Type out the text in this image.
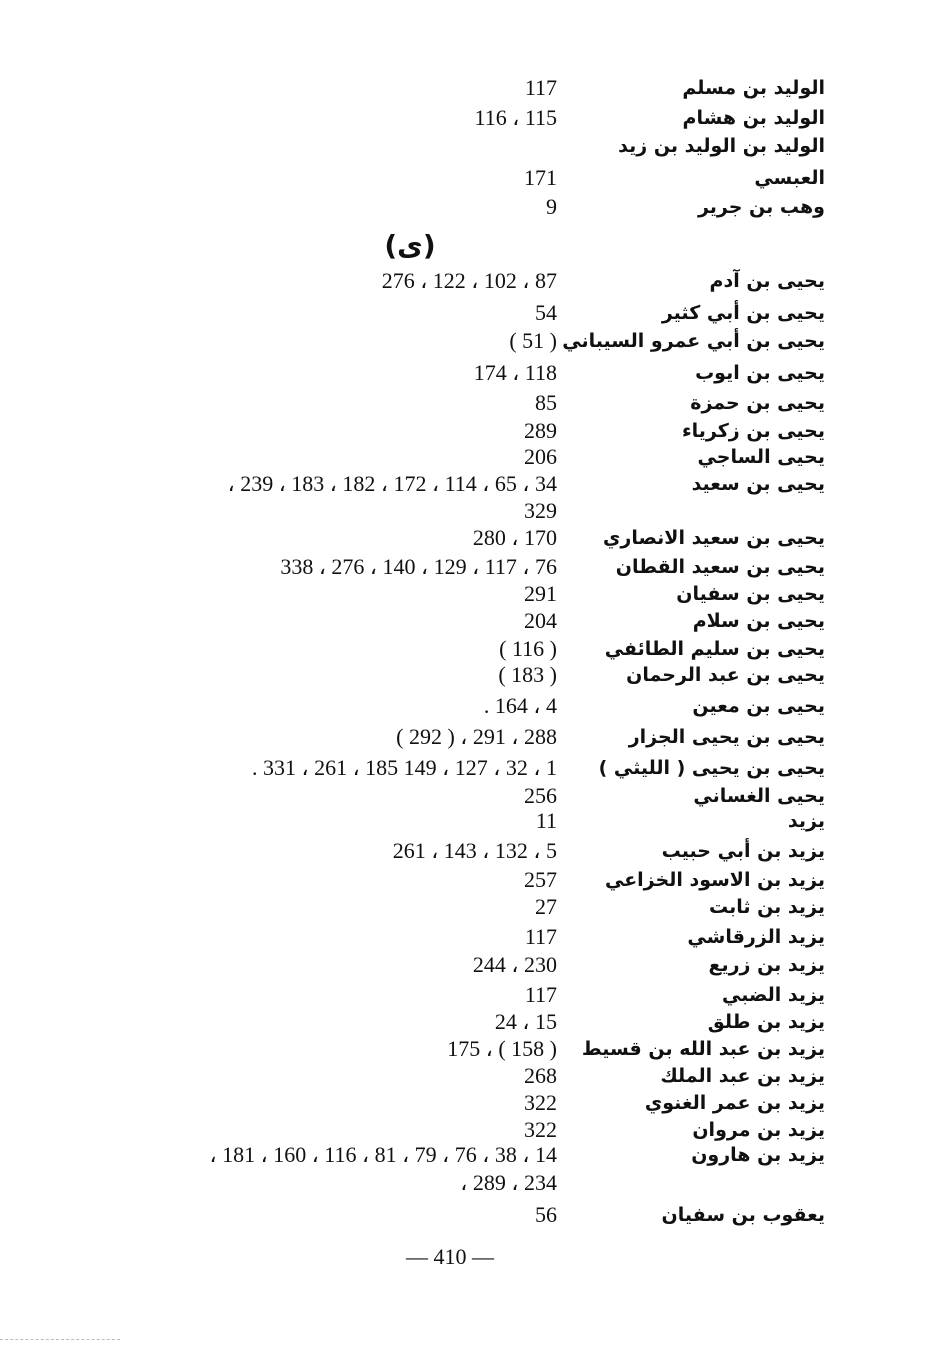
الوليد بن مسلم
117
الوليد بن هشام
116 ، 115
الوليد بن الوليد بن زيد
العبسي
171
وهب بن جرير
9
يحيى بن آدم
276 ، 122 ، 102 ، 87
يحيى بن أبي كثير
54
يحيى بن أبي عمرو السيباني
( 51 )
يحيى بن ايوب
174 ، 118
يحيى بن حمزة
85
يحيى بن زكرياء
289
يحيى الساجي
206
يحيى بن سعيد
، 239 ، 183 ، 182 ، 172 ، 114 ، 65 ، 34
329
يحيى بن سعيد الانصاري
280 ، 170
يحيى بن سعيد القطان
338 ، 276 ، 140 ، 129 ، 117 ، 76
يحيى بن سفيان
291
يحيى بن سلام
204
يحيى بن سليم الطائفي
( 116 )
يحيى بن عبد الرحمان
( 183 )
يحيى بن معين
. 164 ، 4
يحيى بن يحيى الجزار
( 292 ) ، 291 ، 288
يحيى بن يحيى ( الليثي )
. 331 ، 261 ، 185 149 ، 127 ، 32 ، 1
يحيى الغساني
256
يزيد
11
يزيد بن أبي حبيب
261 ، 143 ، 132 ، 5
يزيد بن الاسود الخزاعي
257
يزيد بن ثابت
27
يزيد الزرقاشي
117
يزيد بن زريع
244 ، 230
يزيد الضبي
117
يزيد بن طلق
24 ، 15
يزيد بن عبد الله بن قسيط
175 ، ( 158 )
يزيد بن عبد الملك
268
يزيد بن عمر الغنوي
322
يزيد بن مروان
322
يزيد بن هارون
، 181 ، 160 ، 116 ، 81 ، 79 ، 76 ، 38 ، 14
، 289 ، 234
يعقوب بن سفيان
56
(ى)
— 410 —
